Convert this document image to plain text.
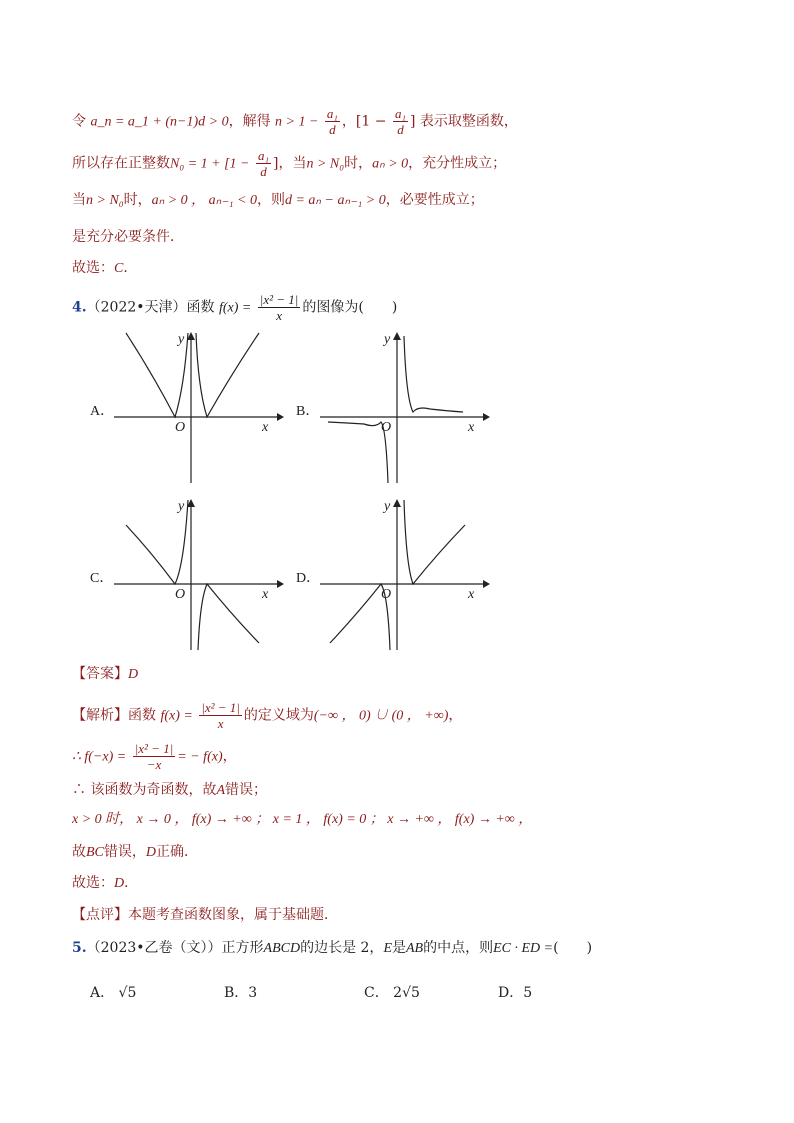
令 a_n = a_1 + (n−1)d > 0，解得 $n > 1 - \frac{\text{a₁}}{d}$ ，[$1 - \frac{\text{a₁}}{d}$ ] 表示取整函数，
所以存在正整数$N_0 = 1 + [1 - \frac{\text{a₁}}{d}$ ]，当n > N₀时，aₙ > 0，充分性成立；
当n > N₀时，aₙ > 0 ， aₙ₋₁ < 0，则d = aₙ − aₙ₋₁ > 0，必要性成立；
是充分必要条件．
故选：C．
4.（2022•天津）函数 $f(x) = \frac{\text{|x² − 1|}}{x}$ 的图像为(　　)
A．
y
x
O
B．
y
x
O
C．
y
x
O
D．
y
x
O
【答案】D
【解析】函数 $f(x) = \frac{\text{|x² − 1|}}{x}$ 的定义域为(−∞ ， 0) ∪ (0 ， +∞)，
∴ $f(-x) = \frac{\text{|x² − 1|}}{-x}$ = − f(x)，
∴ 该函数为奇函数，故A错误；
x > 0 时， x → 0 ， f(x) → +∞ ； x = 1 ， f(x) = 0 ； x → +∞ ， f(x) → +∞ ，
故BC错误，D正确．
故选：D．
【点评】本题考查函数图象，属于基础题．
5.（2023•乙卷（文））正方形ABCD的边长是 2，E是AB的中点，则EC · ED =(　　)
A． √5	B．3	C． 2√5	D．5
